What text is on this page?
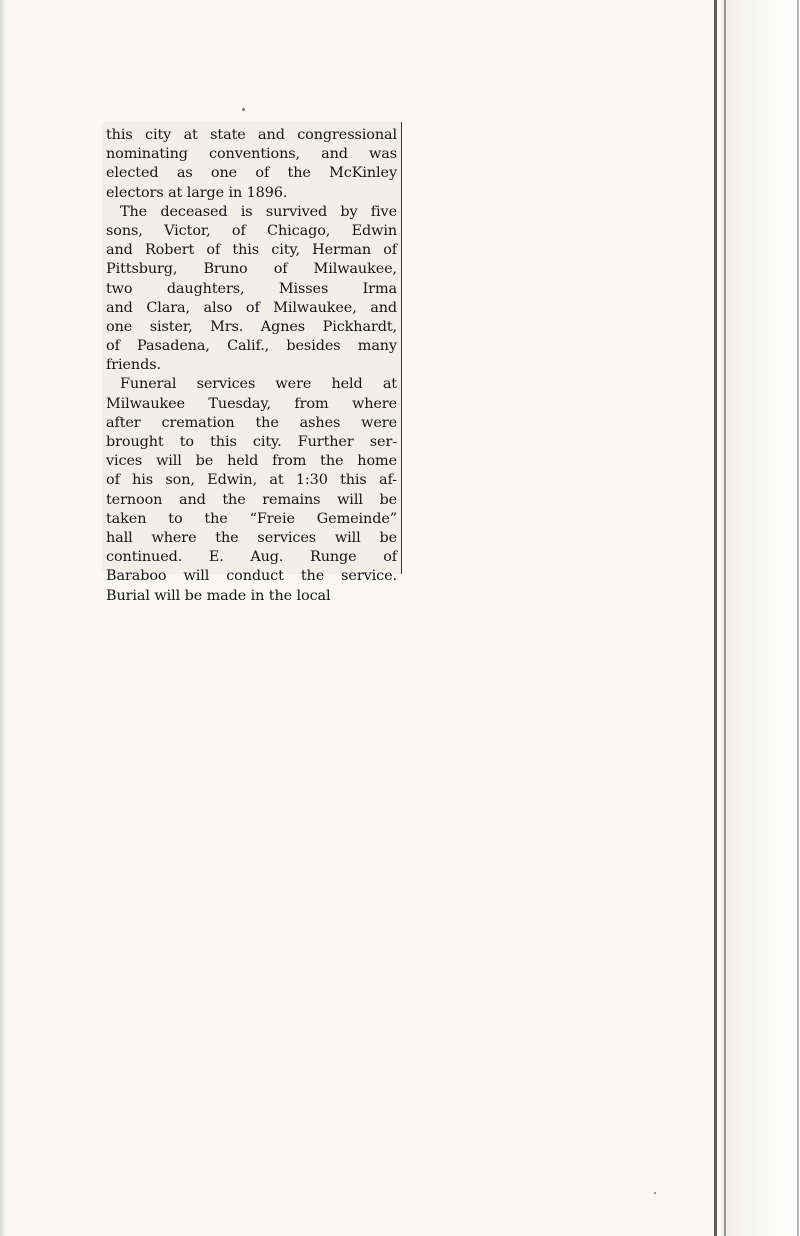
this city at state and congressional
nominating conventions, and was
elected as one of the McKinley
electors at large in 1896.
The deceased is survived by five
sons, Victor, of Chicago, Edwin
and Robert of this city, Herman of
Pittsburg, Bruno of Milwaukee,
two daughters, Misses Irma
and Clara, also of Milwaukee, and
one sister, Mrs. Agnes Pickhardt,
of Pasadena, Calif., besides many
friends.
Funeral services were held at
Milwaukee Tuesday, from where
after cremation the ashes were
brought to this city. Further ser-
vices will be held from the home
of his son, Edwin, at 1:30 this af-
ternoon and the remains will be
taken to the “Freie Gemeinde”
hall where the services will be
continued. E. Aug. Runge of
Baraboo will conduct the service.
Burial will be made in the local
